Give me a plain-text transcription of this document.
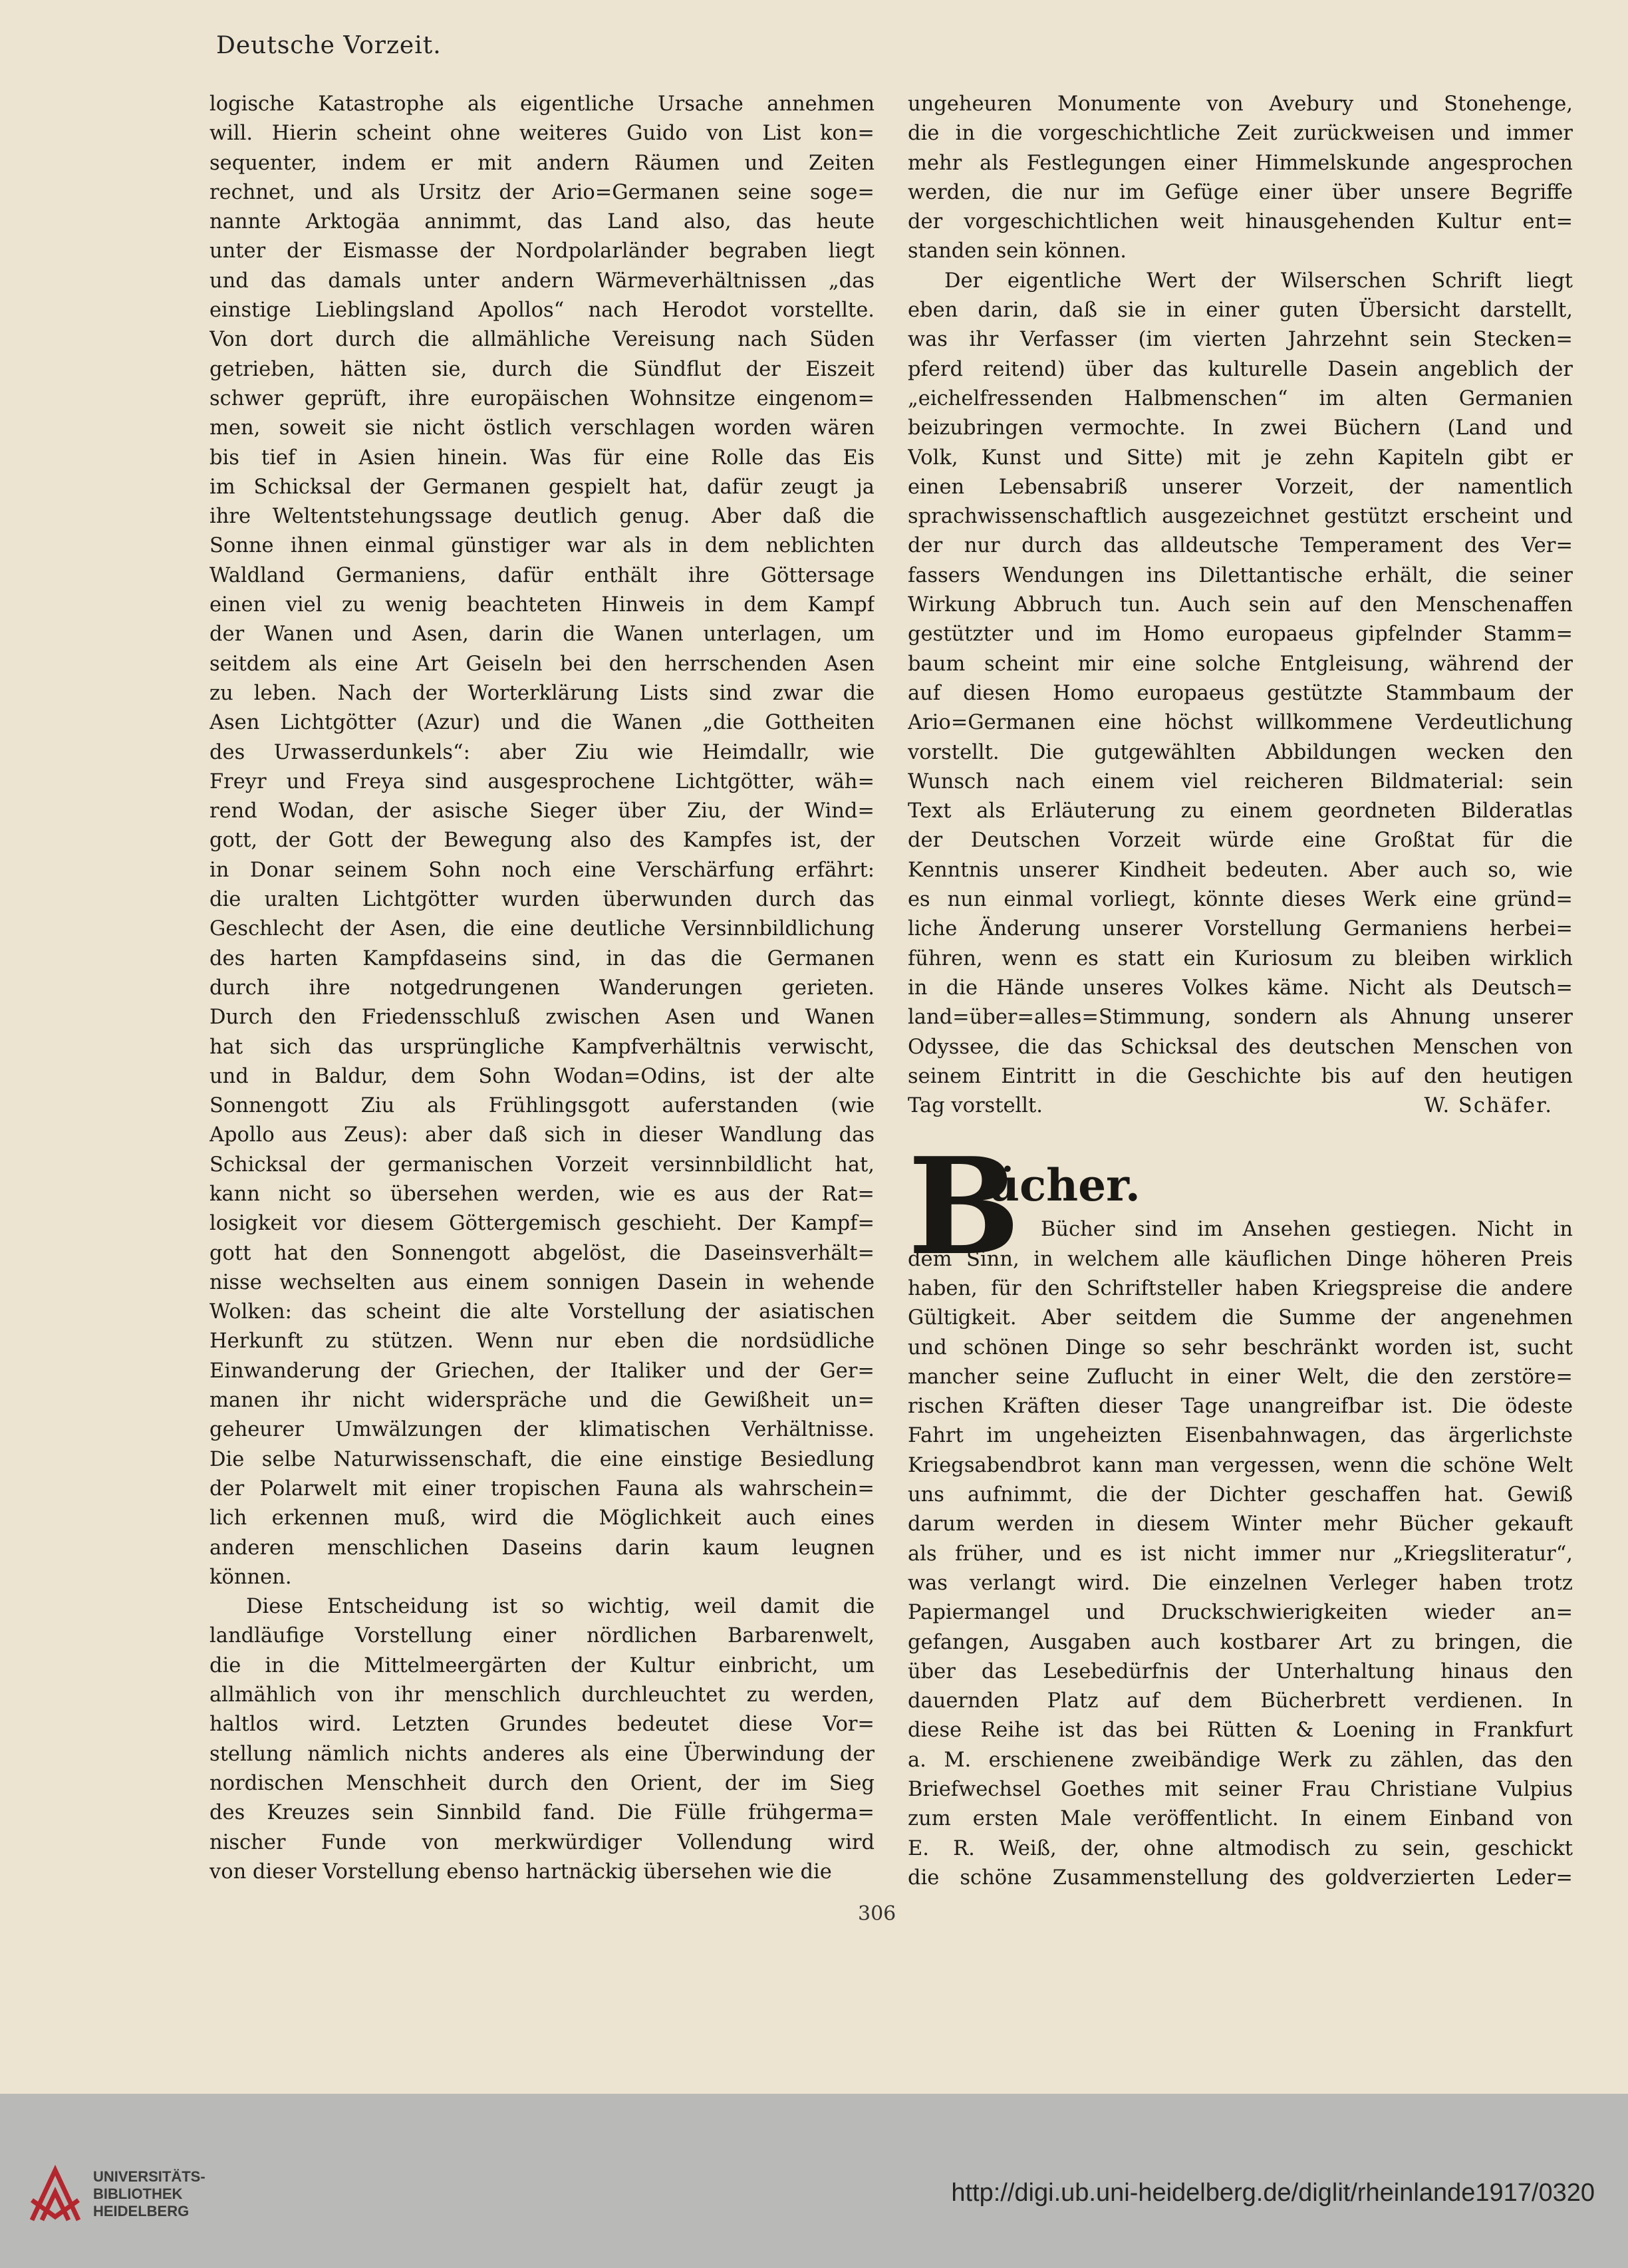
Deutsche Vorzeit.
logische Katastrophe als eigentliche Ursache annehmen
will. Hierin scheint ohne weiteres Guido von List kon=
sequenter, indem er mit andern Räumen und Zeiten
rechnet, und als Ursitz der Ario=Germanen seine soge=
nannte Arktogäa annimmt, das Land also, das heute
unter der Eismasse der Nordpolarländer begraben liegt
und das damals unter andern Wärmeverhältnissen „das
einstige Lieblingsland Apollos“ nach Herodot vorstellte.
Von dort durch die allmähliche Vereisung nach Süden
getrieben, hätten sie, durch die Sündflut der Eiszeit
schwer geprüft, ihre europäischen Wohnsitze eingenom=
men, soweit sie nicht östlich verschlagen worden wären
bis tief in Asien hinein. Was für eine Rolle das Eis
im Schicksal der Germanen gespielt hat, dafür zeugt ja
ihre Weltentstehungssage deutlich genug. Aber daß die
Sonne ihnen einmal günstiger war als in dem neblichten
Waldland Germaniens, dafür enthält ihre Göttersage
einen viel zu wenig beachteten Hinweis in dem Kampf
der Wanen und Asen, darin die Wanen unterlagen, um
seitdem als eine Art Geiseln bei den herrschenden Asen
zu leben. Nach der Worterklärung Lists sind zwar die
Asen Lichtgötter (Azur) und die Wanen „die Gottheiten
des Urwasserdunkels“: aber Ziu wie Heimdallr, wie
Freyr und Freya sind ausgesprochene Lichtgötter, wäh=
rend Wodan, der asische Sieger über Ziu, der Wind=
gott, der Gott der Bewegung also des Kampfes ist, der
in Donar seinem Sohn noch eine Verschärfung erfährt:
die uralten Lichtgötter wurden überwunden durch das
Geschlecht der Asen, die eine deutliche Versinnbildlichung
des harten Kampfdaseins sind, in das die Germanen
durch ihre notgedrungenen Wanderungen gerieten.
Durch den Friedensschluß zwischen Asen und Wanen
hat sich das ursprüngliche Kampfverhältnis verwischt,
und in Baldur, dem Sohn Wodan=Odins, ist der alte
Sonnengott Ziu als Frühlingsgott auferstanden (wie
Apollo aus Zeus): aber daß sich in dieser Wandlung das
Schicksal der germanischen Vorzeit versinnbildlicht hat,
kann nicht so übersehen werden, wie es aus der Rat=
losigkeit vor diesem Göttergemisch geschieht. Der Kampf=
gott hat den Sonnengott abgelöst, die Daseinsverhält=
nisse wechselten aus einem sonnigen Dasein in wehende
Wolken: das scheint die alte Vorstellung der asiatischen
Herkunft zu stützen. Wenn nur eben die nordsüdliche
Einwanderung der Griechen, der Italiker und der Ger=
manen ihr nicht widerspräche und die Gewißheit un=
geheurer Umwälzungen der klimatischen Verhältnisse.
Die selbe Naturwissenschaft, die eine einstige Besiedlung
der Polarwelt mit einer tropischen Fauna als wahrschein=
lich erkennen muß, wird die Möglichkeit auch eines
anderen menschlichen Daseins darin kaum leugnen
können.
Diese Entscheidung ist so wichtig, weil damit die
landläufige Vorstellung einer nördlichen Barbarenwelt,
die in die Mittelmeergärten der Kultur einbricht, um
allmählich von ihr menschlich durchleuchtet zu werden,
haltlos wird. Letzten Grundes bedeutet diese Vor=
stellung nämlich nichts anderes als eine Überwindung der
nordischen Menschheit durch den Orient, der im Sieg
des Kreuzes sein Sinnbild fand. Die Fülle frühgerma=
nischer Funde von merkwürdiger Vollendung wird
von dieser Vorstellung ebenso hartnäckig übersehen wie die
ungeheuren Monumente von Avebury und Stonehenge,
die in die vorgeschichtliche Zeit zurückweisen und immer
mehr als Festlegungen einer Himmelskunde angesprochen
werden, die nur im Gefüge einer über unsere Begriffe
der vorgeschichtlichen weit hinausgehenden Kultur ent=
standen sein können.
Der eigentliche Wert der Wilserschen Schrift liegt
eben darin, daß sie in einer guten Übersicht darstellt,
was ihr Verfasser (im vierten Jahrzehnt sein Stecken=
pferd reitend) über das kulturelle Dasein angeblich der
„eichelfressenden Halbmenschen“ im alten Germanien
beizubringen vermochte. In zwei Büchern (Land und
Volk, Kunst und Sitte) mit je zehn Kapiteln gibt er
einen Lebensabriß unserer Vorzeit, der namentlich
sprachwissenschaftlich ausgezeichnet gestützt erscheint und
der nur durch das alldeutsche Temperament des Ver=
fassers Wendungen ins Dilettantische erhält, die seiner
Wirkung Abbruch tun. Auch sein auf den Menschenaffen
gestützter und im Homo europaeus gipfelnder Stamm=
baum scheint mir eine solche Entgleisung, während der
auf diesen Homo europaeus gestützte Stammbaum der
Ario=Germanen eine höchst willkommene Verdeutlichung
vorstellt. Die gutgewählten Abbildungen wecken den
Wunsch nach einem viel reicheren Bildmaterial: sein
Text als Erläuterung zu einem geordneten Bilderatlas
der Deutschen Vorzeit würde eine Großtat für die
Kenntnis unserer Kindheit bedeuten. Aber auch so, wie
es nun einmal vorliegt, könnte dieses Werk eine gründ=
liche Änderung unserer Vorstellung Germaniens herbei=
führen, wenn es statt ein Kuriosum zu bleiben wirklich
in die Hände unseres Volkes käme. Nicht als Deutsch=
land=über=alles=Stimmung, sondern als Ahnung unserer
Odyssee, die das Schicksal des deutschen Menschen von
seinem Eintritt in die Geschichte bis auf den heutigen
Tag vorstellt.	W. Schäfer.
B
ücher.
Bücher sind im Ansehen gestiegen. Nicht in
dem Sinn, in welchem alle käuflichen Dinge höheren Preis
haben, für den Schriftsteller haben Kriegspreise die andere
Gültigkeit. Aber seitdem die Summe der angenehmen
und schönen Dinge so sehr beschränkt worden ist, sucht
mancher seine Zuflucht in einer Welt, die den zerstöre=
rischen Kräften dieser Tage unangreifbar ist. Die ödeste
Fahrt im ungeheizten Eisenbahnwagen, das ärgerlichste
Kriegsabendbrot kann man vergessen, wenn die schöne Welt
uns aufnimmt, die der Dichter geschaffen hat. Gewiß
darum werden in diesem Winter mehr Bücher gekauft
als früher, und es ist nicht immer nur „Kriegsliteratur“,
was verlangt wird. Die einzelnen Verleger haben trotz
Papiermangel und Druckschwierigkeiten wieder an=
gefangen, Ausgaben auch kostbarer Art zu bringen, die
über das Lesebedürfnis der Unterhaltung hinaus den
dauernden Platz auf dem Bücherbrett verdienen. In
diese Reihe ist das bei Rütten & Loening in Frankfurt
a. M. erschienene zweibändige Werk zu zählen, das den
Briefwechsel Goethes mit seiner Frau Christiane Vulpius
zum ersten Male veröffentlicht. In einem Einband von
E. R. Weiß, der, ohne altmodisch zu sein, geschickt
die schöne Zusammenstellung des goldverzierten Leder=
306
UNIVERSITÄTS-
BIBLIOTHEK
HEIDELBERG
http://digi.ub.uni-heidelberg.de/diglit/rheinlande1917/0320
